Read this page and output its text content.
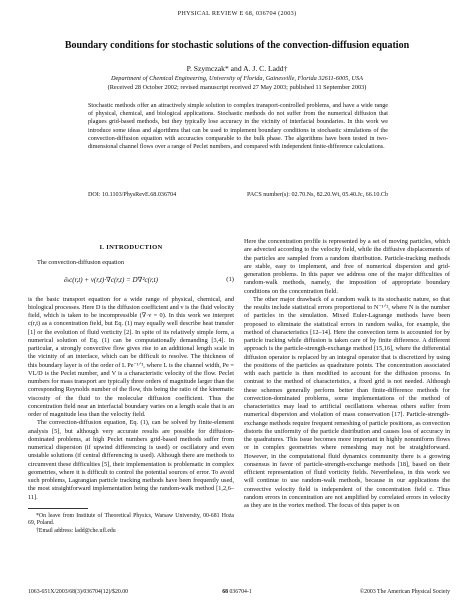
PHYSICAL REVIEW E 68, 036704 (2003)
Boundary conditions for stochastic solutions of the convection-diffusion equation
P. Szymczak* and A. J. C. Ladd†
Department of Chemical Engineering, University of Florida, Gainesville, Florida 32611-6005, USA
(Received 28 October 2002; revised manuscript received 27 May 2003; published 11 September 2003)
Stochastic methods offer an attractively simple solution to complex transport-controlled problems, and have a wide range of physical, chemical, and biological applications. Stochastic methods do not suffer from the numerical diffusion that plagues grid-based methods, but they typically lose accuracy in the vicinity of interfacial boundaries. In this work we introduce some ideas and algorithms that can be used to implement boundary conditions in stochastic simulations of the convection-diffusion equation with accuracies comparable to the bulk phase. The algorithms have been tested in two-dimensional channel flows over a range of Peclet numbers, and compared with independent finite-difference calculations.
DOI: 10.1103/PhysRevE.68.036704	PACS number(s): 02.70.Ns, 82.20.Wt, 05.40.Jc, 66.10.Cb
I. INTRODUCTION

The convection-diffusion equation

∂ₜc(r,t) + v(r,t)·∇c(r,t) = D∇²c(r,t)	(1)

is the basic transport equation for a wide range of physical, chemical, and biological processes. Here D is the diffusion coefficient and v is the fluid velocity field, which is taken to be incompressible (∇·v = 0). In this work we interpret c(r,t) as a concentration field, but Eq. (1) may equally well describe heat transfer [1] or the evolution of fluid vorticity [2]. In spite of its relatively simple form, a numerical solution of Eq. (1) can be computationally demanding [3,4]. In particular, a strongly convective flow gives rise to an additional length scale in the vicinity of an interface, which can be difficult to resolve. The thickness of this boundary layer is of the order of L Pe⁻¹ᐟ³, where L is the channel width, Pe = VL/D is the Peclet number, and V is a characteristic velocity of the flow. Peclet numbers for mass transport are typically three orders of magnitude larger than the corresponding Reynolds number of the flow, this being the ratio of the kinematic viscosity of the fluid to the molecular diffusion coefficient. Thus the concentration field near an interfacial boundary varies on a length scale that is an order of magnitude less than the velocity field.

The convection-diffusion equation, Eq. (1), can be solved by finite-element analysis [5], but although very accurate results are possible for diffusion-dominated problems, at high Peclet numbers grid-based methods suffer from numerical dispersion (if upwind differencing is used) or oscillatory and even unstable solutions (if central differencing is used). Although there are methods to circumvent these difficulties [5], their implementation is problematic in complex geometries, where it is difficult to control the potential sources of error. To avoid such problems, Lagrangian particle tracking methods have been frequently used, the most straightforward implementation being the random-walk method [1,2,6–11].

*On leave from Institute of Theoretical Physics, Warsaw University, 00-681 Hoża 69, Poland.
†Email address: ladd@che.ufl.edu

Here the concentration profile is represented by a set of moving particles, which are advected according to the velocity field, while the diffusive displacements of the particles are sampled from a random distribution. Particle-tracking methods are stable, easy to implement, and free of numerical dispersion and grid-generation problems. In this paper we address one of the major difficulties of random-walk methods, namely, the imposition of appropriate boundary conditions on the concentration field.

The other major drawback of a random walk is its stochastic nature, so that the results include statistical errors proportional to N⁻¹ᐟ², where N is the number of particles in the simulation. Mixed Euler-Lagrange methods have been proposed to eliminate the statistical errors in random walks, for example, the method of characteristics [12–14]. Here the convection term is accounted for by particle tracking while diffusion is taken care of by finite difference. A different approach is the particle-strength-exchange method [15,16], where the differential diffusion operator is replaced by an integral operator that is discretized by using the positions of the particles as quadrature points. The concentration associated with each particle is then modified to account for the diffusion process. In contrast to the method of characteristics, a fixed grid is not needed. Although these schemes generally perform better than finite-difference methods for convection-dominated problems, some implementations of the method of characteristics may lead to artificial oscillations whereas others suffer from numerical dispersion and violation of mass conservation [17]. Particle-strength-exchange methods require frequent remeshing of particle positions, as convection distorts the uniformity of the particle distribution and causes loss of accuracy in the quadratures. This issue becomes more important in highly nonuniform flows or in complex geometries where remeshing may not be straightforward. However, in the computational fluid dynamics community there is a growing consensus in favor of particle-strength-exchange methods [18], based on their efficient representation of fluid vorticity fields. Nevertheless, in this work we will continue to use random-walk methods, because in our applications the convective velocity field is independent of the concentration field c. Thus random errors in concentration are not amplified by correlated errors in velocity as they are in the vortex method. The focus of this paper is on

1063-651X/2003/68(3)/036704(12)/$20.00	68 036704-1	©2003 The American Physical Society
